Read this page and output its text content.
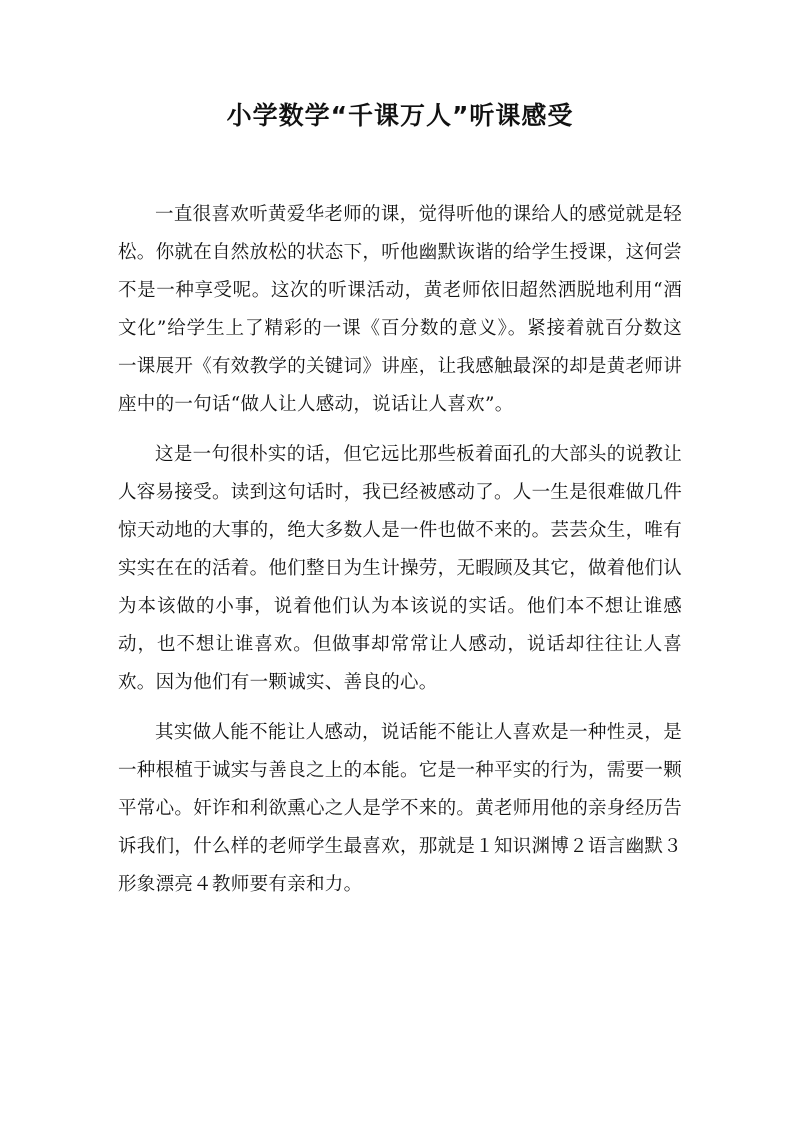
小学数学“千课万人”听课感受

一直很喜欢听黄爱华老师的课，觉得听他的课给人的感觉就是轻松。你就在自然放松的状态下，听他幽默诙谐的给学生授课，这何尝不是一种享受呢。这次的听课活动，黄老师依旧超然洒脱地利用“酒文化”给学生上了精彩的一课《百分数的意义》。紧接着就百分数这一课展开《有效教学的关键词》讲座，让我感触最深的却是黄老师讲座中的一句话“做人让人感动，说话让人喜欢”。

这是一句很朴实的话，但它远比那些板着面孔的大部头的说教让人容易接受。读到这句话时，我已经被感动了。人一生是很难做几件惊天动地的大事的，绝大多数人是一件也做不来的。芸芸众生，唯有实实在在的活着。他们整日为生计操劳，无暇顾及其它，做着他们认为本该做的小事，说着他们认为本该说的实话。他们本不想让谁感动，也不想让谁喜欢。但做事却常常让人感动，说话却往往让人喜欢。因为他们有一颗诚实、善良的心。

其实做人能不能让人感动，说话能不能让人喜欢是一种性灵，是一种根植于诚实与善良之上的本能。它是一种平实的行为，需要一颗平常心。奸诈和利欲熏心之人是学不来的。黄老师用他的亲身经历告诉我们，什么样的老师学生最喜欢，那就是１知识渊博２语言幽默３形象漂亮４教师要有亲和力。
